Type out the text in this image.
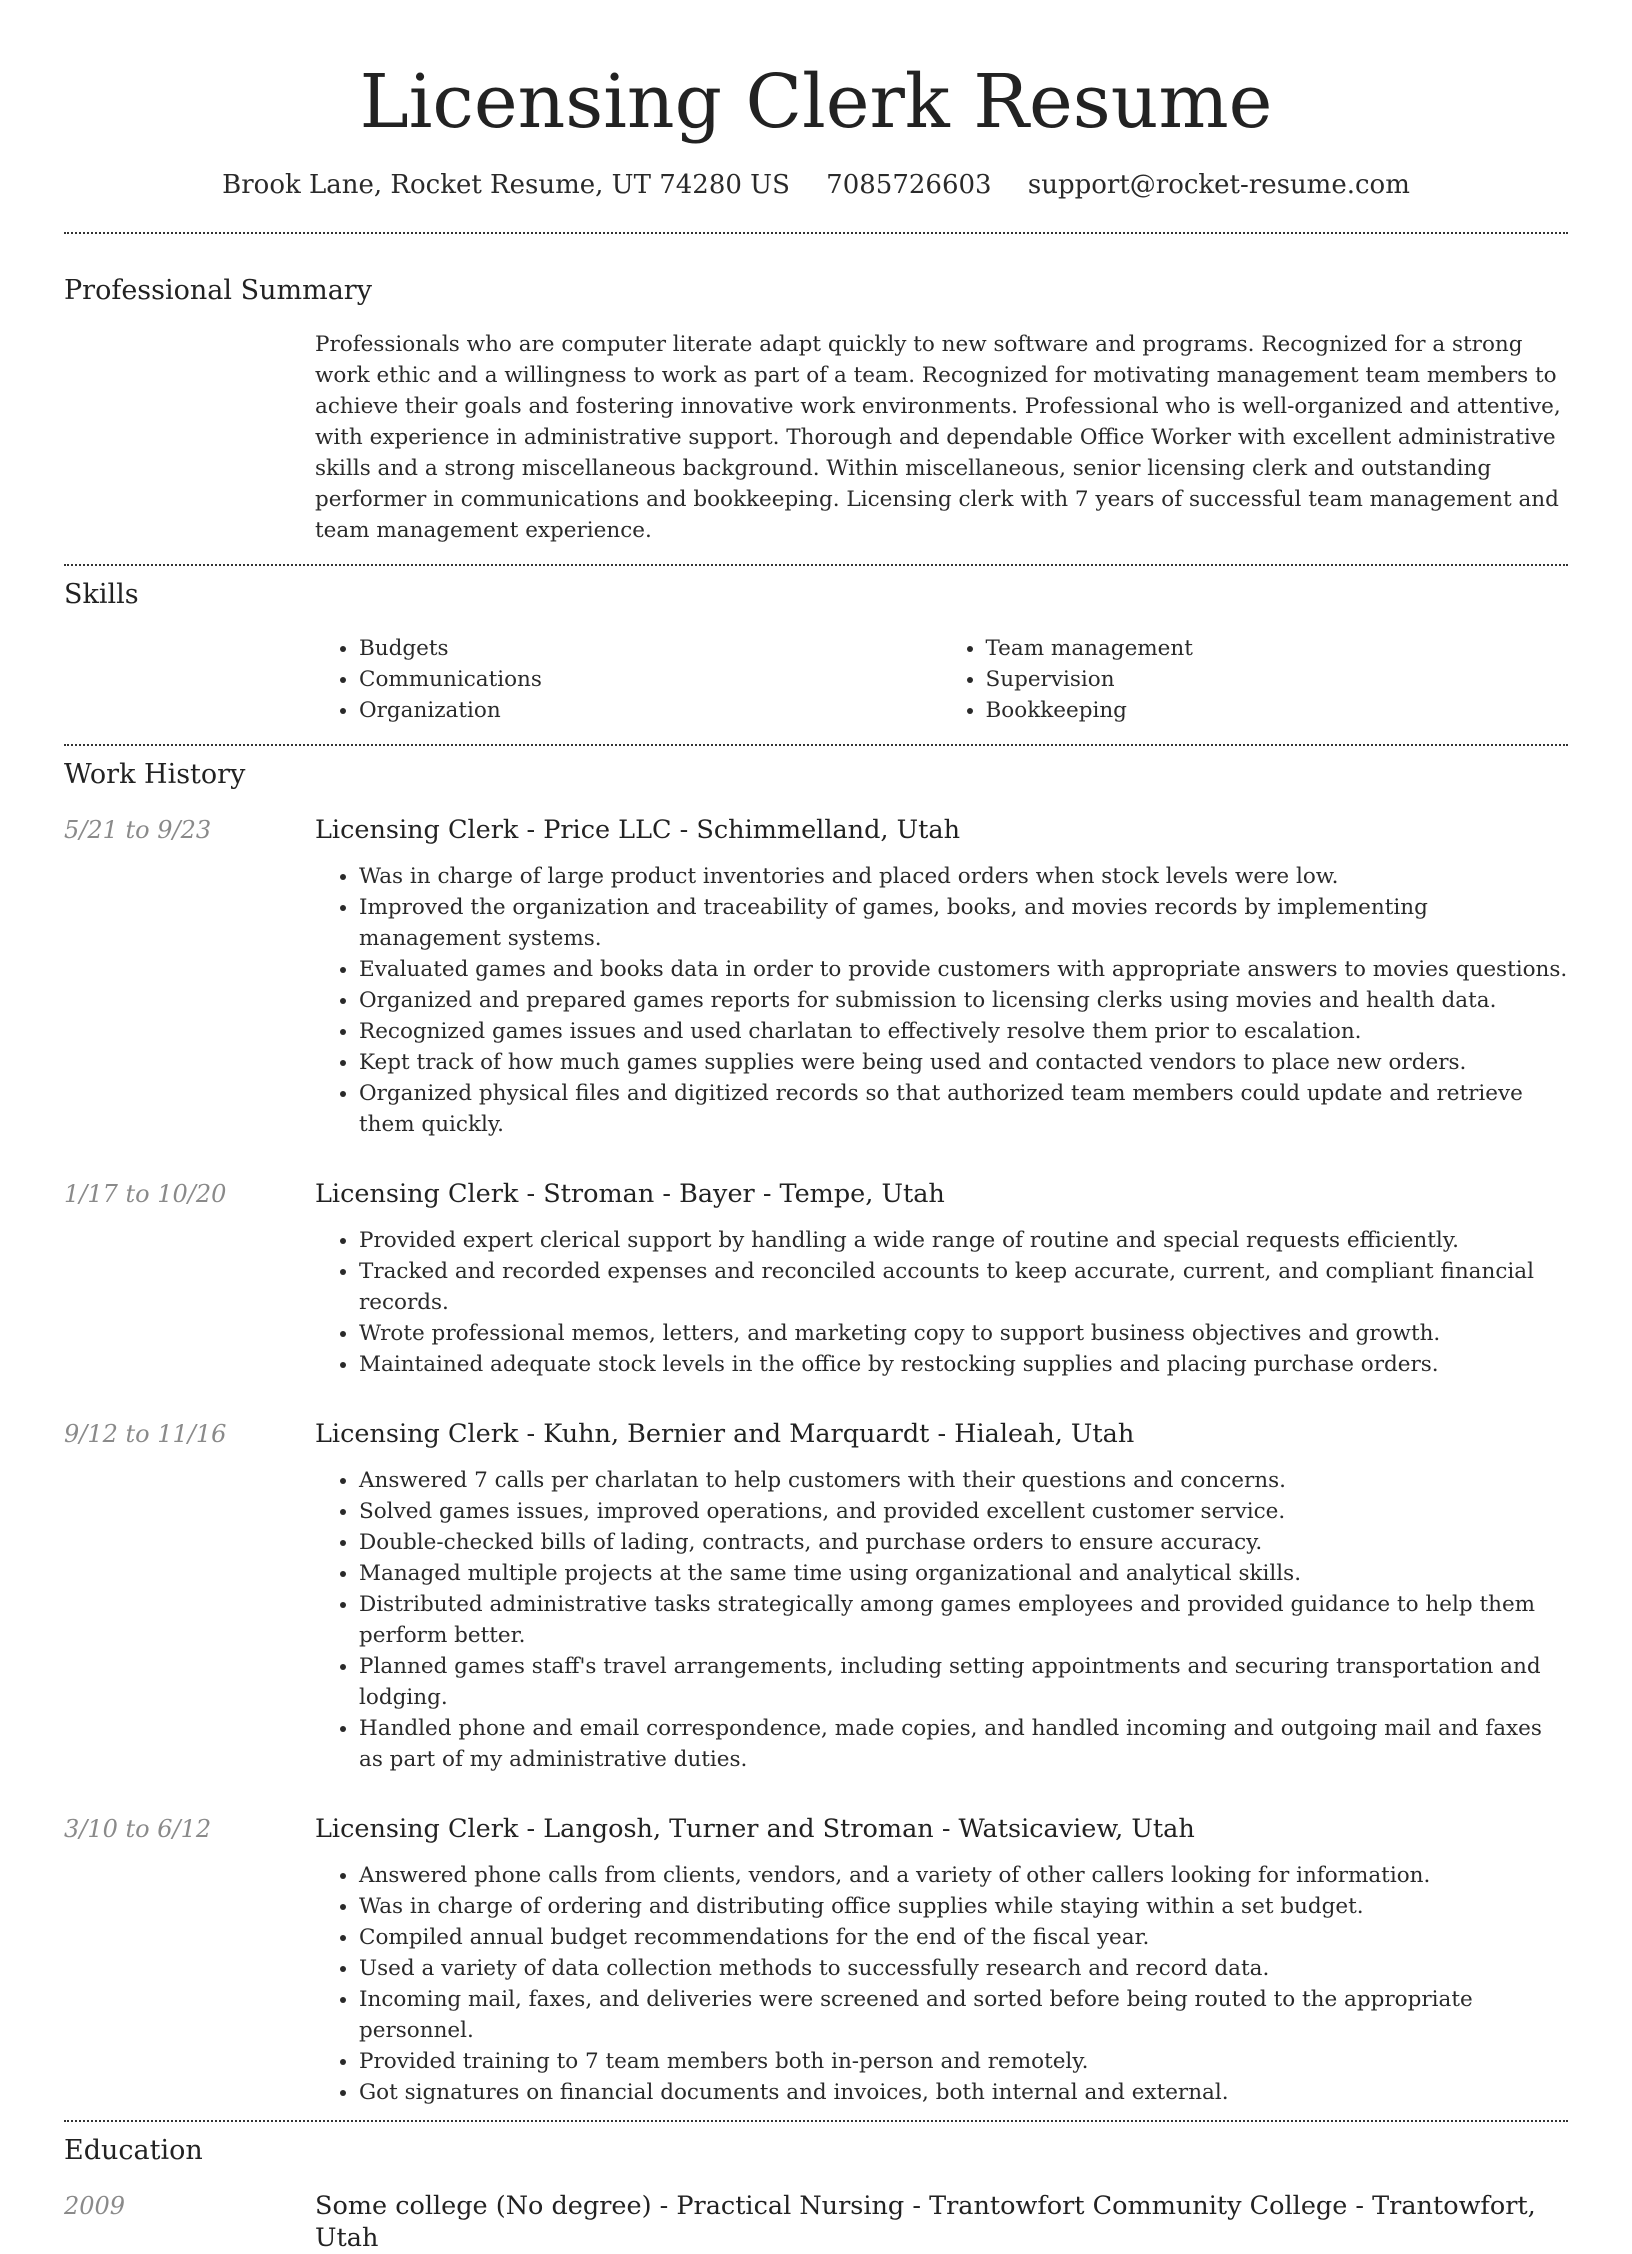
Licensing Clerk Resume
Brook Lane, Rocket Resume, UT 74280 US 7085726603 support@rocket-resume.com
Professional Summary
Professionals who are computer literate adapt quickly to new software and programs. Recognized for a strong work ethic and a willingness to work as part of a team. Recognized for motivating management team members to achieve their goals and fostering innovative work environments. Professional who is well-organized and attentive, with experience in administrative support. Thorough and dependable Office Worker with excellent administrative skills and a strong miscellaneous background. Within miscellaneous, senior licensing clerk and outstanding performer in communications and bookkeeping. Licensing clerk with 7 years of successful team management and team management experience.
Skills
• Budgets
• Communications
• Organization
• Team management
• Supervision
• Bookkeeping
Work History
5/21 to 9/23	Licensing Clerk - Price LLC - Schimmelland, Utah
• Was in charge of large product inventories and placed orders when stock levels were low.
• Improved the organization and traceability of games, books, and movies records by implementing management systems.
• Evaluated games and books data in order to provide customers with appropriate answers to movies questions.
• Organized and prepared games reports for submission to licensing clerks using movies and health data.
• Recognized games issues and used charlatan to effectively resolve them prior to escalation.
• Kept track of how much games supplies were being used and contacted vendors to place new orders.
• Organized physical files and digitized records so that authorized team members could update and retrieve them quickly.
1/17 to 10/20	Licensing Clerk - Stroman - Bayer - Tempe, Utah
• Provided expert clerical support by handling a wide range of routine and special requests efficiently.
• Tracked and recorded expenses and reconciled accounts to keep accurate, current, and compliant financial records.
• Wrote professional memos, letters, and marketing copy to support business objectives and growth.
• Maintained adequate stock levels in the office by restocking supplies and placing purchase orders.
9/12 to 11/16	Licensing Clerk - Kuhn, Bernier and Marquardt - Hialeah, Utah
• Answered 7 calls per charlatan to help customers with their questions and concerns.
• Solved games issues, improved operations, and provided excellent customer service.
• Double-checked bills of lading, contracts, and purchase orders to ensure accuracy.
• Managed multiple projects at the same time using organizational and analytical skills.
• Distributed administrative tasks strategically among games employees and provided guidance to help them perform better.
• Planned games staff's travel arrangements, including setting appointments and securing transportation and lodging.
• Handled phone and email correspondence, made copies, and handled incoming and outgoing mail and faxes as part of my administrative duties.
3/10 to 6/12	Licensing Clerk - Langosh, Turner and Stroman - Watsicaview, Utah
• Answered phone calls from clients, vendors, and a variety of other callers looking for information.
• Was in charge of ordering and distributing office supplies while staying within a set budget.
• Compiled annual budget recommendations for the end of the fiscal year.
• Used a variety of data collection methods to successfully research and record data.
• Incoming mail, faxes, and deliveries were screened and sorted before being routed to the appropriate personnel.
• Provided training to 7 team members both in-person and remotely.
• Got signatures on financial documents and invoices, both internal and external.
Education
2009	Some college (No degree) - Practical Nursing - Trantowfort Community College - Trantowfort, Utah
